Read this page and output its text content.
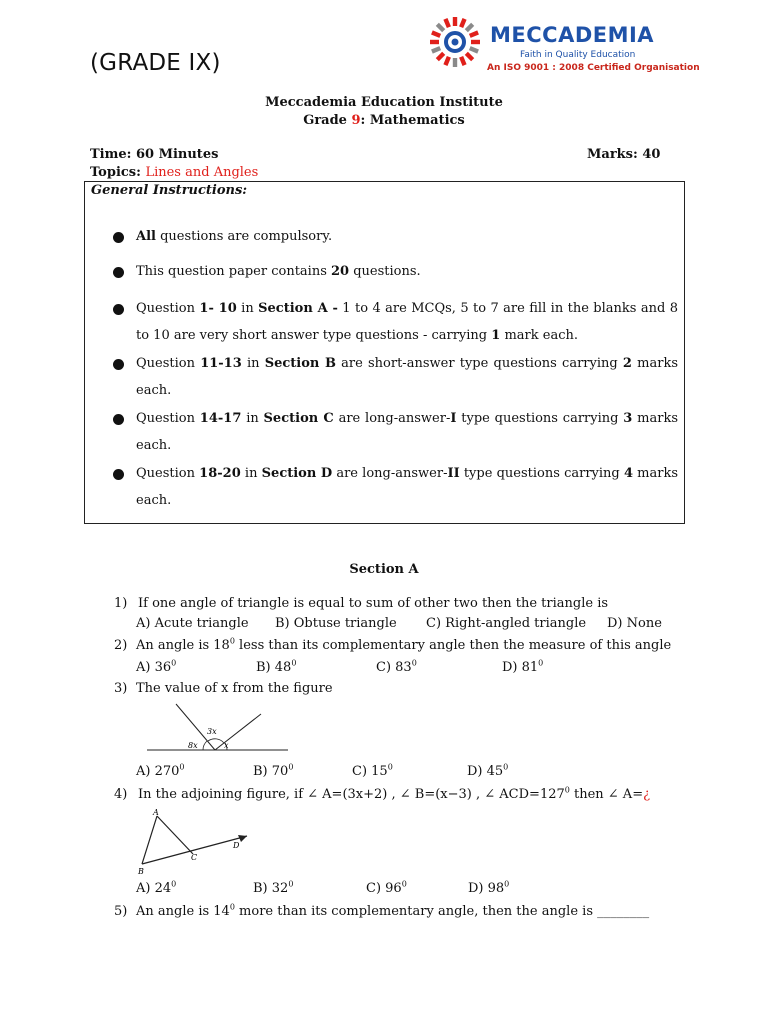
(GRADE IX)
MECCADEMIA
Faith in Quality Education
An ISO 9001 : 2008 Certified Organisation
Meccademia Education Institute
Grade 9: Mathematics
Time: 60 Minutes	Marks: 40
Topics: Lines and Angles
General Instructions:
All questions are compulsory.
This question paper contains 20 questions.
Question 1- 10 in Section A - 1 to 4 are MCQs, 5 to 7 are fill in the blanks and 8 to 10 are very short answer type questions - carrying 1 mark each.
Question 11-13 in Section B are short-answer type questions carrying 2 marks each.
Question 14-17 in Section C are long-answer-I type questions carrying 3 marks each.
Question 18-20 in Section D are long-answer-II type questions carrying 4 marks each.
Section A
1) If one angle of triangle is equal to sum of other two then the triangle is
A) Acute triangle B) Obtuse triangle C) Right-angled triangle D) None
2) An angle is $18^0$ less than its complementary angle then the measure of this angle
A) $36^0$	B) $48^0$	C) $83^0$	D) $81^0$
3) The value of x from the figure
3x
8x	x
A) $270^0$	B) $70^0$	C) $15^0$	D) $45^0$
4) In the adjoining figure, if ∠ A=(3x+2) , ∠ B=(x−3) , ∠ $ACD=127^0$ then ∠ A=¿
A
B
C
D
A) $24^0$	B) $32^0$	C) $96^0$	D) $98^0$
5) An angle is $14^0$ more than its complementary angle, then the angle is ________
